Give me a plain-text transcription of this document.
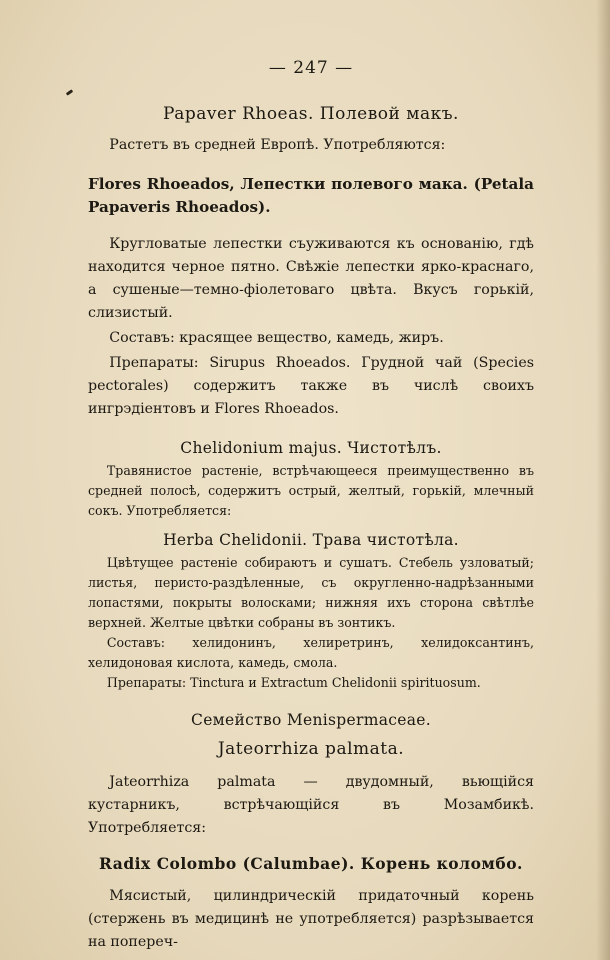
— 247 —

Papaver Rhoeas. Полевой макъ.

Растетъ въ средней Европѣ. Употребляются:

Flores Rhoeados, Лепестки полевого мака. (Petala Papaveris Rhoeados).

Кругловатые лепестки съуживаются къ основанію, гдѣ находится черное пятно. Свѣжіе лепестки ярко-краснаго, а сушеные—темно-фіолетоваго цвѣта. Вкусъ горькій, слизистый.

Составъ: красящее вещество, камедь, жиръ.

Препараты: Sirupus Rhoeados. Грудной чай (Species pectorales) содержитъ также въ числѣ своихъ ингрэдіентовъ и Flores Rhoeados.

Chelidonium majus. Чистотѣлъ.

Травянистое растеніе, встрѣчающееся преимущественно въ средней полосѣ, содержитъ острый, желтый, горькій, млечный сокъ. Употребляется:

Herba Chelidonii. Трава чистотѣла.

Цвѣтущее растеніе собираютъ и сушатъ. Стебель узловатый; листья, перисто-раздѣленные, съ округленно-надрѣзанными лопастями, покрыты волосками; нижняя ихъ сторона свѣтлѣе верхней. Желтые цвѣтки собраны въ зонтикъ.

Составъ: хелидонинъ, хелиретринъ, хелидоксантинъ, хелидоновая кислота, камедь, смола.

Препараты: Tinctura и Extractum Chelidonii spirituosum.

Семейство Menispermaceae.

Jateorrhiza palmata.

Jateorrhiza palmata — двудомный, вьющійся кустарникъ, встрѣчающійся въ Мозамбикѣ. Употребляется:

Radix Colombo (Calumbae). Корень коломбо.

Мясистый, цилиндрическій придаточный корень (стержень въ медицинѣ не употребляется) разрѣзывается на попереч-
